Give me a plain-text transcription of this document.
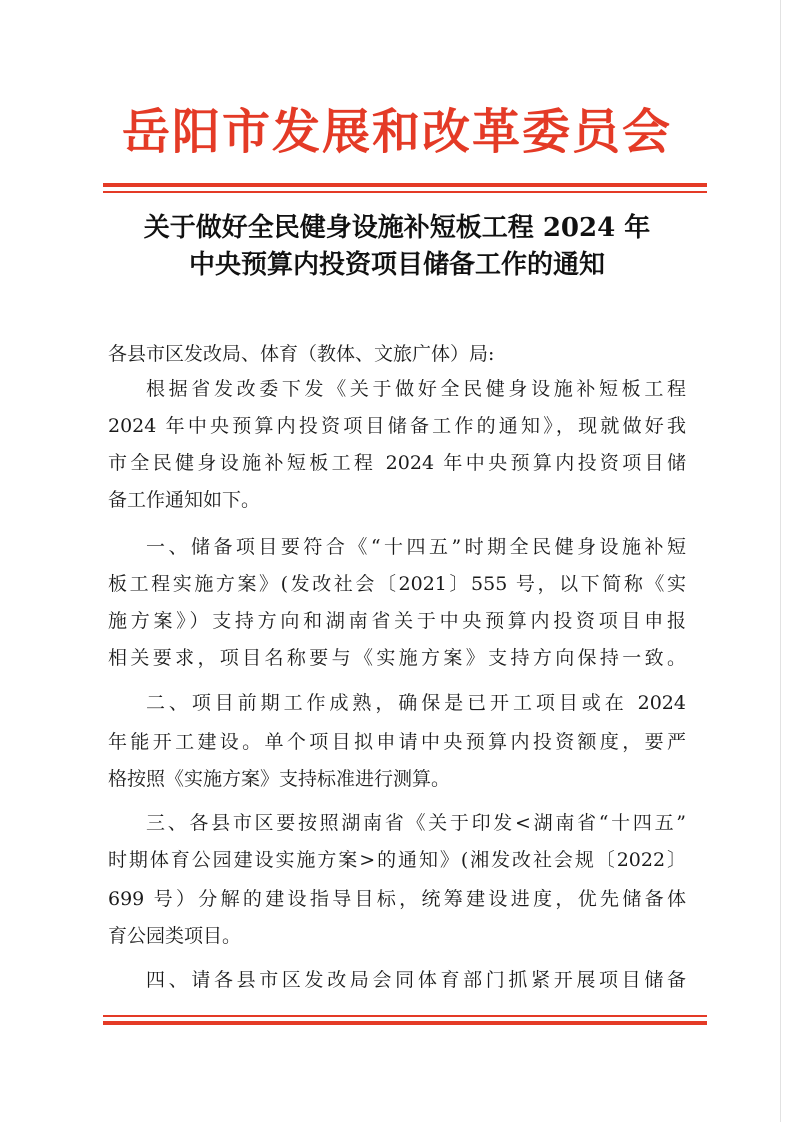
岳阳市发展和改革委员会
关于做好全民健身设施补短板工程 2024 年
中央预算内投资项目储备工作的通知
各县市区发改局、体育（教体、文旅广体）局:
根据省发改委下发《关于做好全民健身设施补短板工程
2024 年中央预算内投资项目储备工作的通知》，现就做好我
市全民健身设施补短板工程 2024 年中央预算内投资项目储
备工作通知如下。
一、储备项目要符合《“十四五”时期全民健身设施补短
板工程实施方案》(发改社会〔2021〕555 号，以下简称《实
施方案》）支持方向和湖南省关于中央预算内投资项目申报
相关要求，项目名称要与《实施方案》支持方向保持一致。
二、项目前期工作成熟，确保是已开工项目或在 2024
年能开工建设。单个项目拟申请中央预算内投资额度，要严
格按照《实施方案》支持标准进行测算。
三、各县市区要按照湖南省《关于印发<湖南省“十四五”
时期体育公园建设实施方案>的通知》(湘发改社会规〔2022〕
699 号）分解的建设指导目标，统筹建设进度，优先储备体
育公园类项目。
四、请各县市区发改局会同体育部门抓紧开展项目储备
